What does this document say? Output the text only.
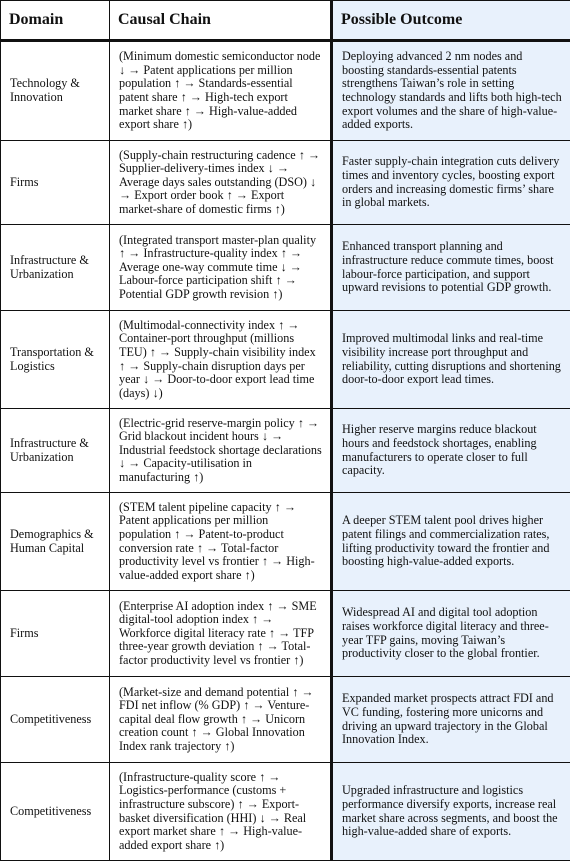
Domain	Causal Chain	Possible Outcome
Technology & Innovation	(Minimum domestic semiconductor node ↓ → Patent applications per million population ↑ → Standards-essential patent share ↑ → High-tech export market share ↑ → High-value-added export share ↑)	Deploying advanced 2 nm nodes and boosting standards-essential patents strengthens Taiwan’s role in setting technology standards and lifts both high-tech export volumes and the share of high-value-added exports.
Firms	(Supply-chain restructuring cadence ↑ → Supplier-delivery-times index ↓ → Average days sales outstanding (DSO) ↓ → Export order book ↑ → Export market-share of domestic firms ↑)	Faster supply-chain integration cuts delivery times and inventory cycles, boosting export orders and increasing domestic firms’ share in global markets.
Infrastructure & Urbanization	(Integrated transport master-plan quality ↑ → Infrastructure-quality index ↑ → Average one-way commute time ↓ → Labour-force participation shift ↑ → Potential GDP growth revision ↑)	Enhanced transport planning and infrastructure reduce commute times, boost labour-force participation, and support upward revisions to potential GDP growth.
Transportation & Logistics	(Multimodal-connectivity index ↑ → Container-port throughput (millions TEU) ↑ → Supply-chain visibility index ↑ → Supply-chain disruption days per year ↓ → Door-to-door export lead time (days) ↓)	Improved multimodal links and real-time visibility increase port throughput and reliability, cutting disruptions and shortening door-to-door export lead times.
Infrastructure & Urbanization	(Electric-grid reserve-margin policy ↑ → Grid blackout incident hours ↓ → Industrial feedstock shortage declarations ↓ → Capacity-utilisation in manufacturing ↑)	Higher reserve margins reduce blackout hours and feedstock shortages, enabling manufacturers to operate closer to full capacity.
Demographics & Human Capital	(STEM talent pipeline capacity ↑ → Patent applications per million population ↑ → Patent-to-product conversion rate ↑ → Total-factor productivity level vs frontier ↑ → High-value-added export share ↑)	A deeper STEM talent pool drives higher patent filings and commercialization rates, lifting productivity toward the frontier and boosting high-value-added exports.
Firms	(Enterprise AI adoption index ↑ → SME digital-tool adoption index ↑ → Workforce digital literacy rate ↑ → TFP three-year growth deviation ↑ → Total-factor productivity level vs frontier ↑)	Widespread AI and digital tool adoption raises workforce digital literacy and three-year TFP gains, moving Taiwan’s productivity closer to the global frontier.
Competitiveness	(Market-size and demand potential ↑ → FDI net inflow (% GDP) ↑ → Venture-capital deal flow growth ↑ → Unicorn creation count ↑ → Global Innovation Index rank trajectory ↑)	Expanded market prospects attract FDI and VC funding, fostering more unicorns and driving an upward trajectory in the Global Innovation Index.
Competitiveness	(Infrastructure-quality score ↑ → Logistics-performance (customs + infrastructure subscore) ↑ → Export-basket diversification (HHI) ↓ → Real export market share ↑ → High-value-added export share ↑)	Upgraded infrastructure and logistics performance diversify exports, increase real market share across segments, and boost the high-value-added share of exports.
